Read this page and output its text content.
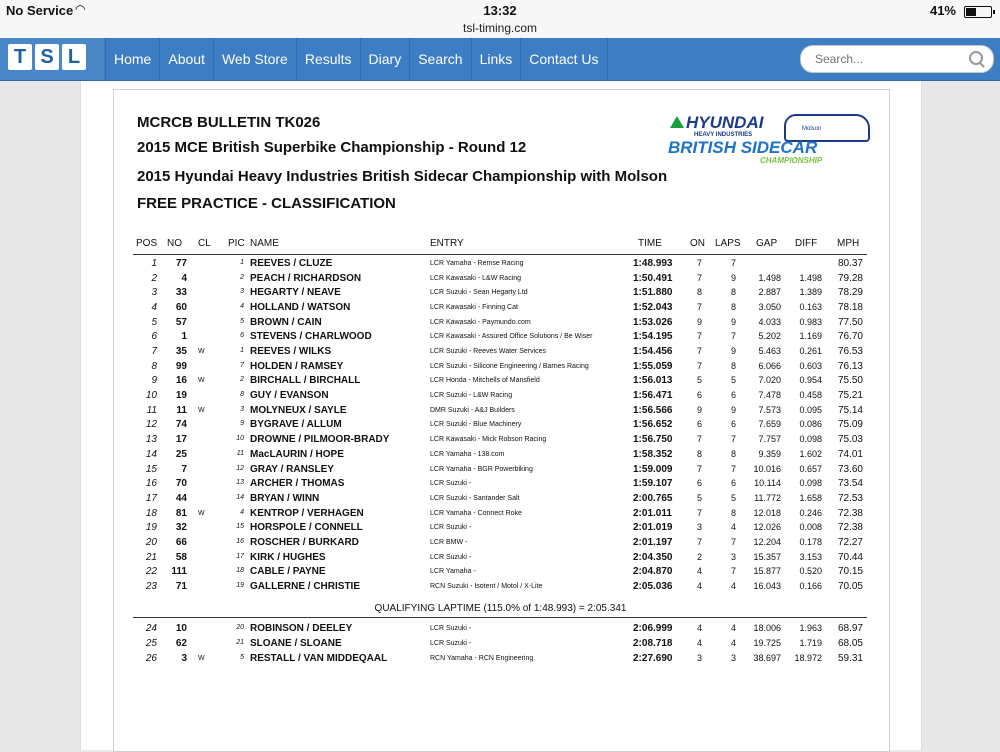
No Service ◠	13:32	41%
tsl-timing.com
T S L	Home	About	Web Store	Results	Diary	Search	Links	Contact Us
Search...
MCRCB BULLETIN TK026
2015 MCE British Superbike Championship - Round 12
2015 Hyundai Heavy Industries British Sidecar Championship with Molson
FREE PRACTICE - CLASSIFICATION
HYUNDAI
HEAVY INDUSTRIES
Molson
BRITISH SIDECAR
CHAMPIONSHIP
POS NO CL PIC NAME	ENTRY	TIME	ON LAPS GAP DIFF MPH
1	77	1 REEVES / CLUZE	LCR Yamaha - Remse Racing	1:48.993	7	7	80.37
2	4	2 PEACH / RICHARDSON	LCR Kawasaki - L&W Racing	1:50.491	7	9	1.498	1.498	79.28
3	33	3 HEGARTY / NEAVE	LCR Suzuki - Sean Hegarty Ltd	1:51.880	8	8	2.887	1.389	78.29
4	60	4 HOLLAND / WATSON	LCR Kawasaki - Finning Cat	1:52.043	7	8	3.050	0.163	78.18
5	57	5 BROWN / CAIN	LCR Kawasaki - Paymundo.com	1:53.026	9	9	4.033	0.983	77.50
6	1	6 STEVENS / CHARLWOOD	LCR Kawasaki - Assured Office Solutions / Be Wiser	1:54.195	7	7	5.202	1.169	76.70
7	35 W	1 REEVES / WILKS	LCR Suzuki - Reeves Water Services	1:54.456	7	9	5.463	0.261	76.53
8	99	7 HOLDEN / RAMSEY	LCR Suzuki - Silicone Engineering / Barnes Racing	1:55.059	7	8	6.066	0.603	76.13
9	16 W	2 BIRCHALL / BIRCHALL	LCR Honda - Mitchells of Mansfield	1:56.013	5	5	7.020	0.954	75.50
10	19	8 GUY / EVANSON	LCR Suzuki - L&W Racing	1:56.471	6	6	7.478	0.458	75.21
11	11 W	3 MOLYNEUX / SAYLE	DMR Suzuki - A&J Builders	1:56.566	9	9	7.573	0.095	75.14
12	74	9 BYGRAVE / ALLUM	LCR Suzuki - Blue Machinery	1:56.652	6	6	7.659	0.086	75.09
13	17	10 DROWNE / PILMOOR-BRADY	LCR Kawasaki - Mick Robson Racing	1:56.750	7	7	7.757	0.098	75.03
14	25	11 MacLAURIN / HOPE	LCR Yamaha - 138.com	1:58.352	8	8	9.359	1.602	74.01
15	7	12 GRAY / RANSLEY	LCR Yamaha - BGR Powerbiking	1:59.009	7	7	10.016	0.657	73.60
16	70	13 ARCHER / THOMAS	LCR Suzuki -	1:59.107	6	6	10.114	0.098	73.54
17	44	14 BRYAN / WINN	LCR Suzuki - Santander Salt	2:00.765	5	5	11.772	1.658	72.53
18	81 W	4 KENTROP / VERHAGEN	LCR Yamaha - Connect Roke	2:01.011	7	8	12.018	0.246	72.38
19	32	15 HORSPOLE / CONNELL	LCR Suzuki -	2:01.019	3	4	12.026	0.008	72.38
20	66	16 ROSCHER / BURKARD	LCR BMW -	2:01.197	7	7	12.204	0.178	72.27
21	58	17 KIRK / HUGHES	LCR Suzuki -	2:04.350	2	3	15.357	3.153	70.44
22	111	18 CABLE / PAYNE	LCR Yamaha -	2:04.870	4	7	15.877	0.520	70.15
23	71	19 GALLERNE / CHRISTIE	RCN Suzuki - Isotent / Motol / X-Lite	2:05.036	4	4	16.043	0.166	70.05
QUALIFYING LAPTIME (115.0% of 1:48.993) = 2:05.341
24	10	20 ROBINSON / DEELEY	LCR Suzuki -	2:06.999	4	4	18.006	1.963	68.97
25	62	21 SLOANE / SLOANE	LCR Suzuki -	2:08.718	4	4	19.725	1.719	68.05
26	3 W	5 RESTALL / VAN MIDDEQAAL	RCN Yamaha - RCN Engineering	2:27.690	3	3	38.697	18.972	59.31
